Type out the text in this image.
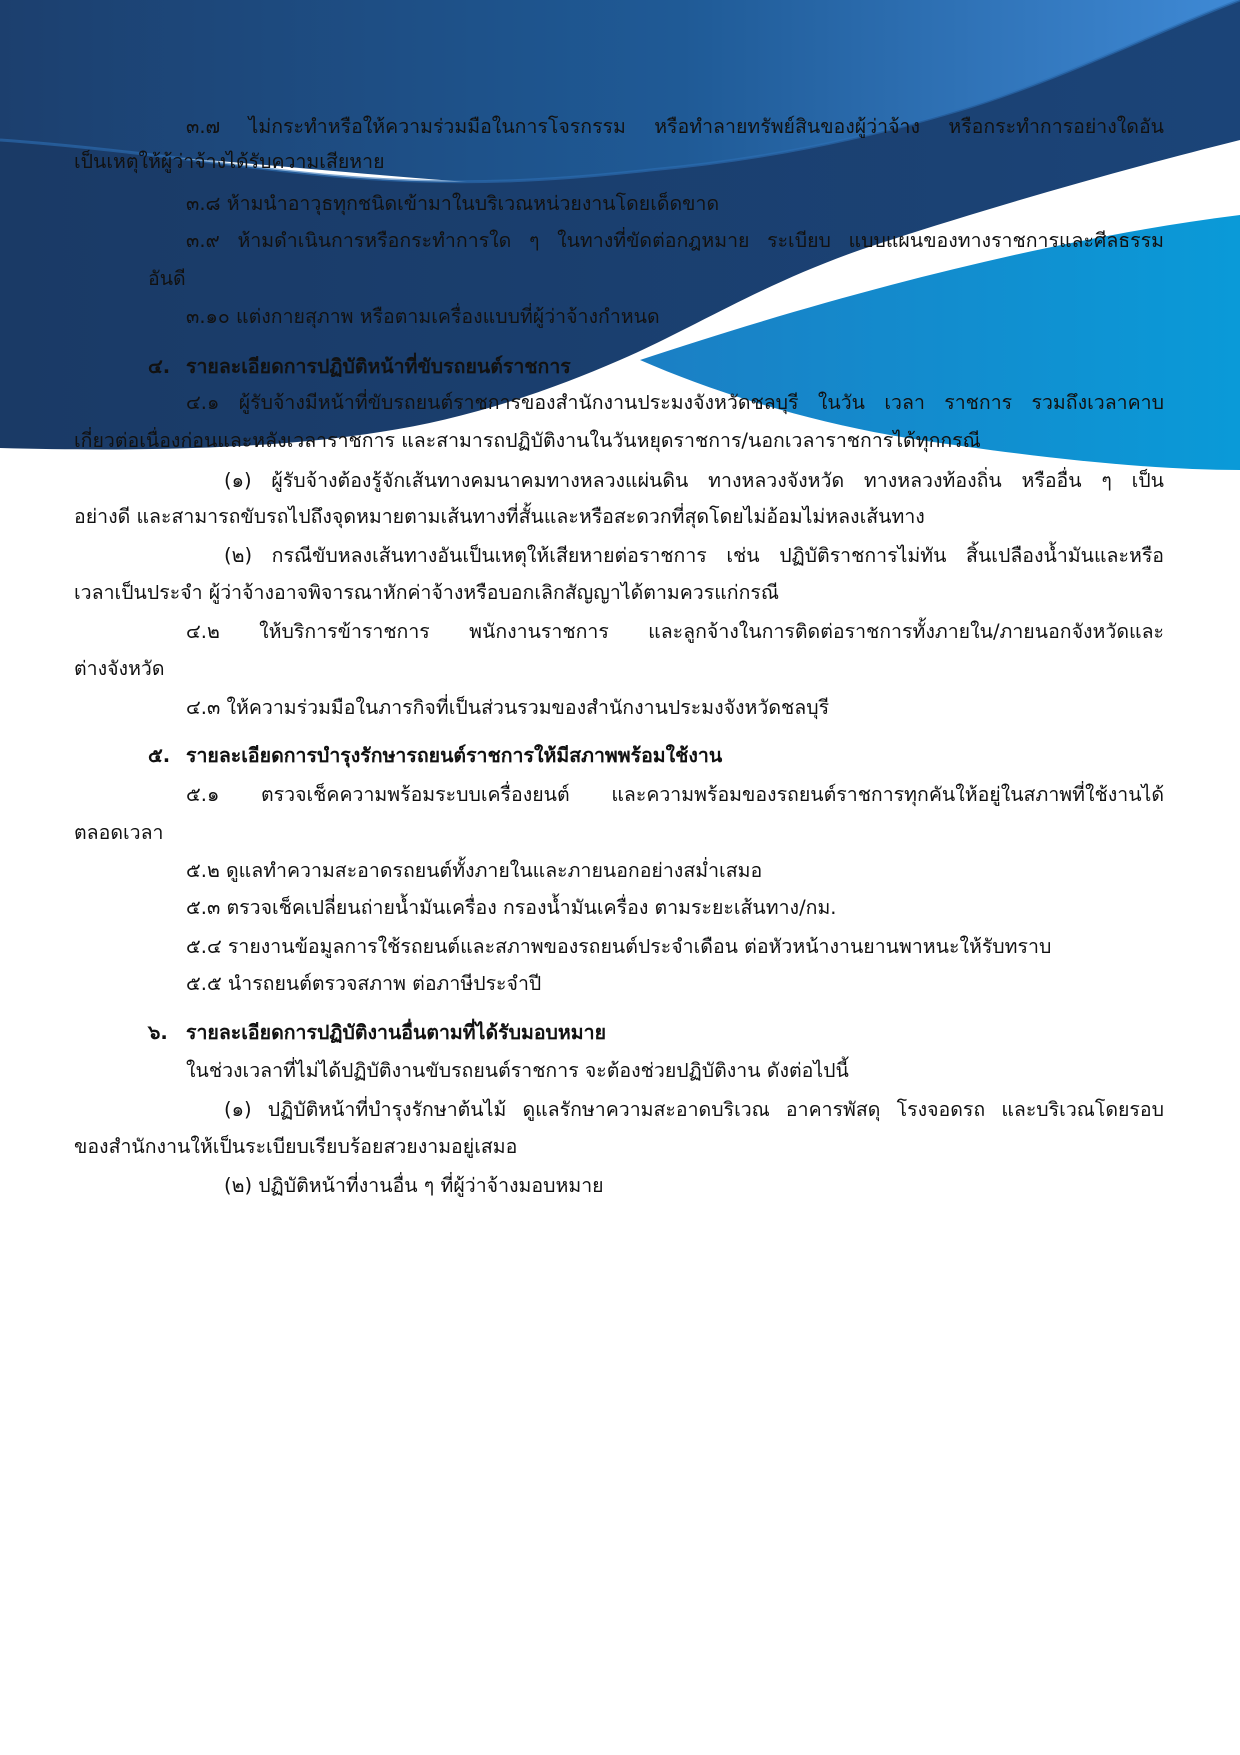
๓.๗ ไม่กระทำหรือให้ความร่วมมือในการโจรกรรม หรือทำลายทรัพย์สินของผู้ว่าจ้าง หรือกระทำการอย่างใดอัน

เป็นเหตุให้ผู้ว่าจ้างได้รับความเสียหาย

๓.๘ ห้ามนำอาวุธทุกชนิดเข้ามาในบริเวณหน่วยงานโดยเด็ดขาด

๓.๙ ห้ามดำเนินการหรือกระทำการใด ๆ ในทางที่ขัดต่อกฎหมาย ระเบียบ แบบแผนของทางราชการและศีลธรรม

อันดี

๓.๑๐ แต่งกายสุภาพ หรือตามเครื่องแบบที่ผู้ว่าจ้างกำหนด

๔. รายละเอียดการปฏิบัติหน้าที่ขับรถยนต์ราชการ

๔.๑ ผู้รับจ้างมีหน้าที่ขับรถยนต์ราชการของสำนักงานประมงจังหวัดชลบุรี ในวัน เวลา ราชการ รวมถึงเวลาคาบ

เกี่ยวต่อเนื่องก่อนและหลังเวลาราชการ และสามารถปฏิบัติงานในวันหยุดราชการ/นอกเวลาราชการได้ทุกกรณี

(๑) ผู้รับจ้างต้องรู้จักเส้นทางคมนาคมทางหลวงแผ่นดิน ทางหลวงจังหวัด ทางหลวงท้องถิ่น หรืออื่น ๆ เป็น

อย่างดี และสามารถขับรถไปถึงจุดหมายตามเส้นทางที่สั้นและหรือสะดวกที่สุดโดยไม่อ้อมไม่หลงเส้นทาง

(๒) กรณีขับหลงเส้นทางอันเป็นเหตุให้เสียหายต่อราชการ เช่น ปฏิบัติราชการไม่ทัน สิ้นเปลืองน้ำมันและหรือ

เวลาเป็นประจำ ผู้ว่าจ้างอาจพิจารณาหักค่าจ้างหรือบอกเลิกสัญญาได้ตามควรแก่กรณี

๔.๒ ให้บริการข้าราชการ พนักงานราชการ และลูกจ้างในการติดต่อราชการทั้งภายใน/ภายนอกจังหวัดและ

ต่างจังหวัด

๔.๓ ให้ความร่วมมือในภารกิจที่เป็นส่วนรวมของสำนักงานประมงจังหวัดชลบุรี

๕. รายละเอียดการบำรุงรักษารถยนต์ราชการให้มีสภาพพร้อมใช้งาน

๕.๑ ตรวจเช็คความพร้อมระบบเครื่องยนต์ และความพร้อมของรถยนต์ราชการทุกคันให้อยู่ในสภาพที่ใช้งานได้

ตลอดเวลา

๕.๒ ดูแลทำความสะอาดรถยนต์ทั้งภายในและภายนอกอย่างสม่ำเสมอ

๕.๓ ตรวจเช็คเปลี่ยนถ่ายน้ำมันเครื่อง กรองน้ำมันเครื่อง ตามระยะเส้นทาง/กม.

๕.๔ รายงานข้อมูลการใช้รถยนต์และสภาพของรถยนต์ประจำเดือน ต่อหัวหน้างานยานพาหนะให้รับทราบ

๕.๕ นำรถยนต์ตรวจสภาพ ต่อภาษีประจำปี

๖. รายละเอียดการปฏิบัติงานอื่นตามที่ได้รับมอบหมาย

ในช่วงเวลาที่ไม่ได้ปฏิบัติงานขับรถยนต์ราชการ จะต้องช่วยปฏิบัติงาน ดังต่อไปนี้

(๑) ปฏิบัติหน้าที่บำรุงรักษาต้นไม้ ดูแลรักษาความสะอาดบริเวณ อาคารพัสดุ โรงจอดรถ และบริเวณโดยรอบ

ของสำนักงานให้เป็นระเบียบเรียบร้อยสวยงามอยู่เสมอ

(๒) ปฏิบัติหน้าที่งานอื่น ๆ ที่ผู้ว่าจ้างมอบหมาย
